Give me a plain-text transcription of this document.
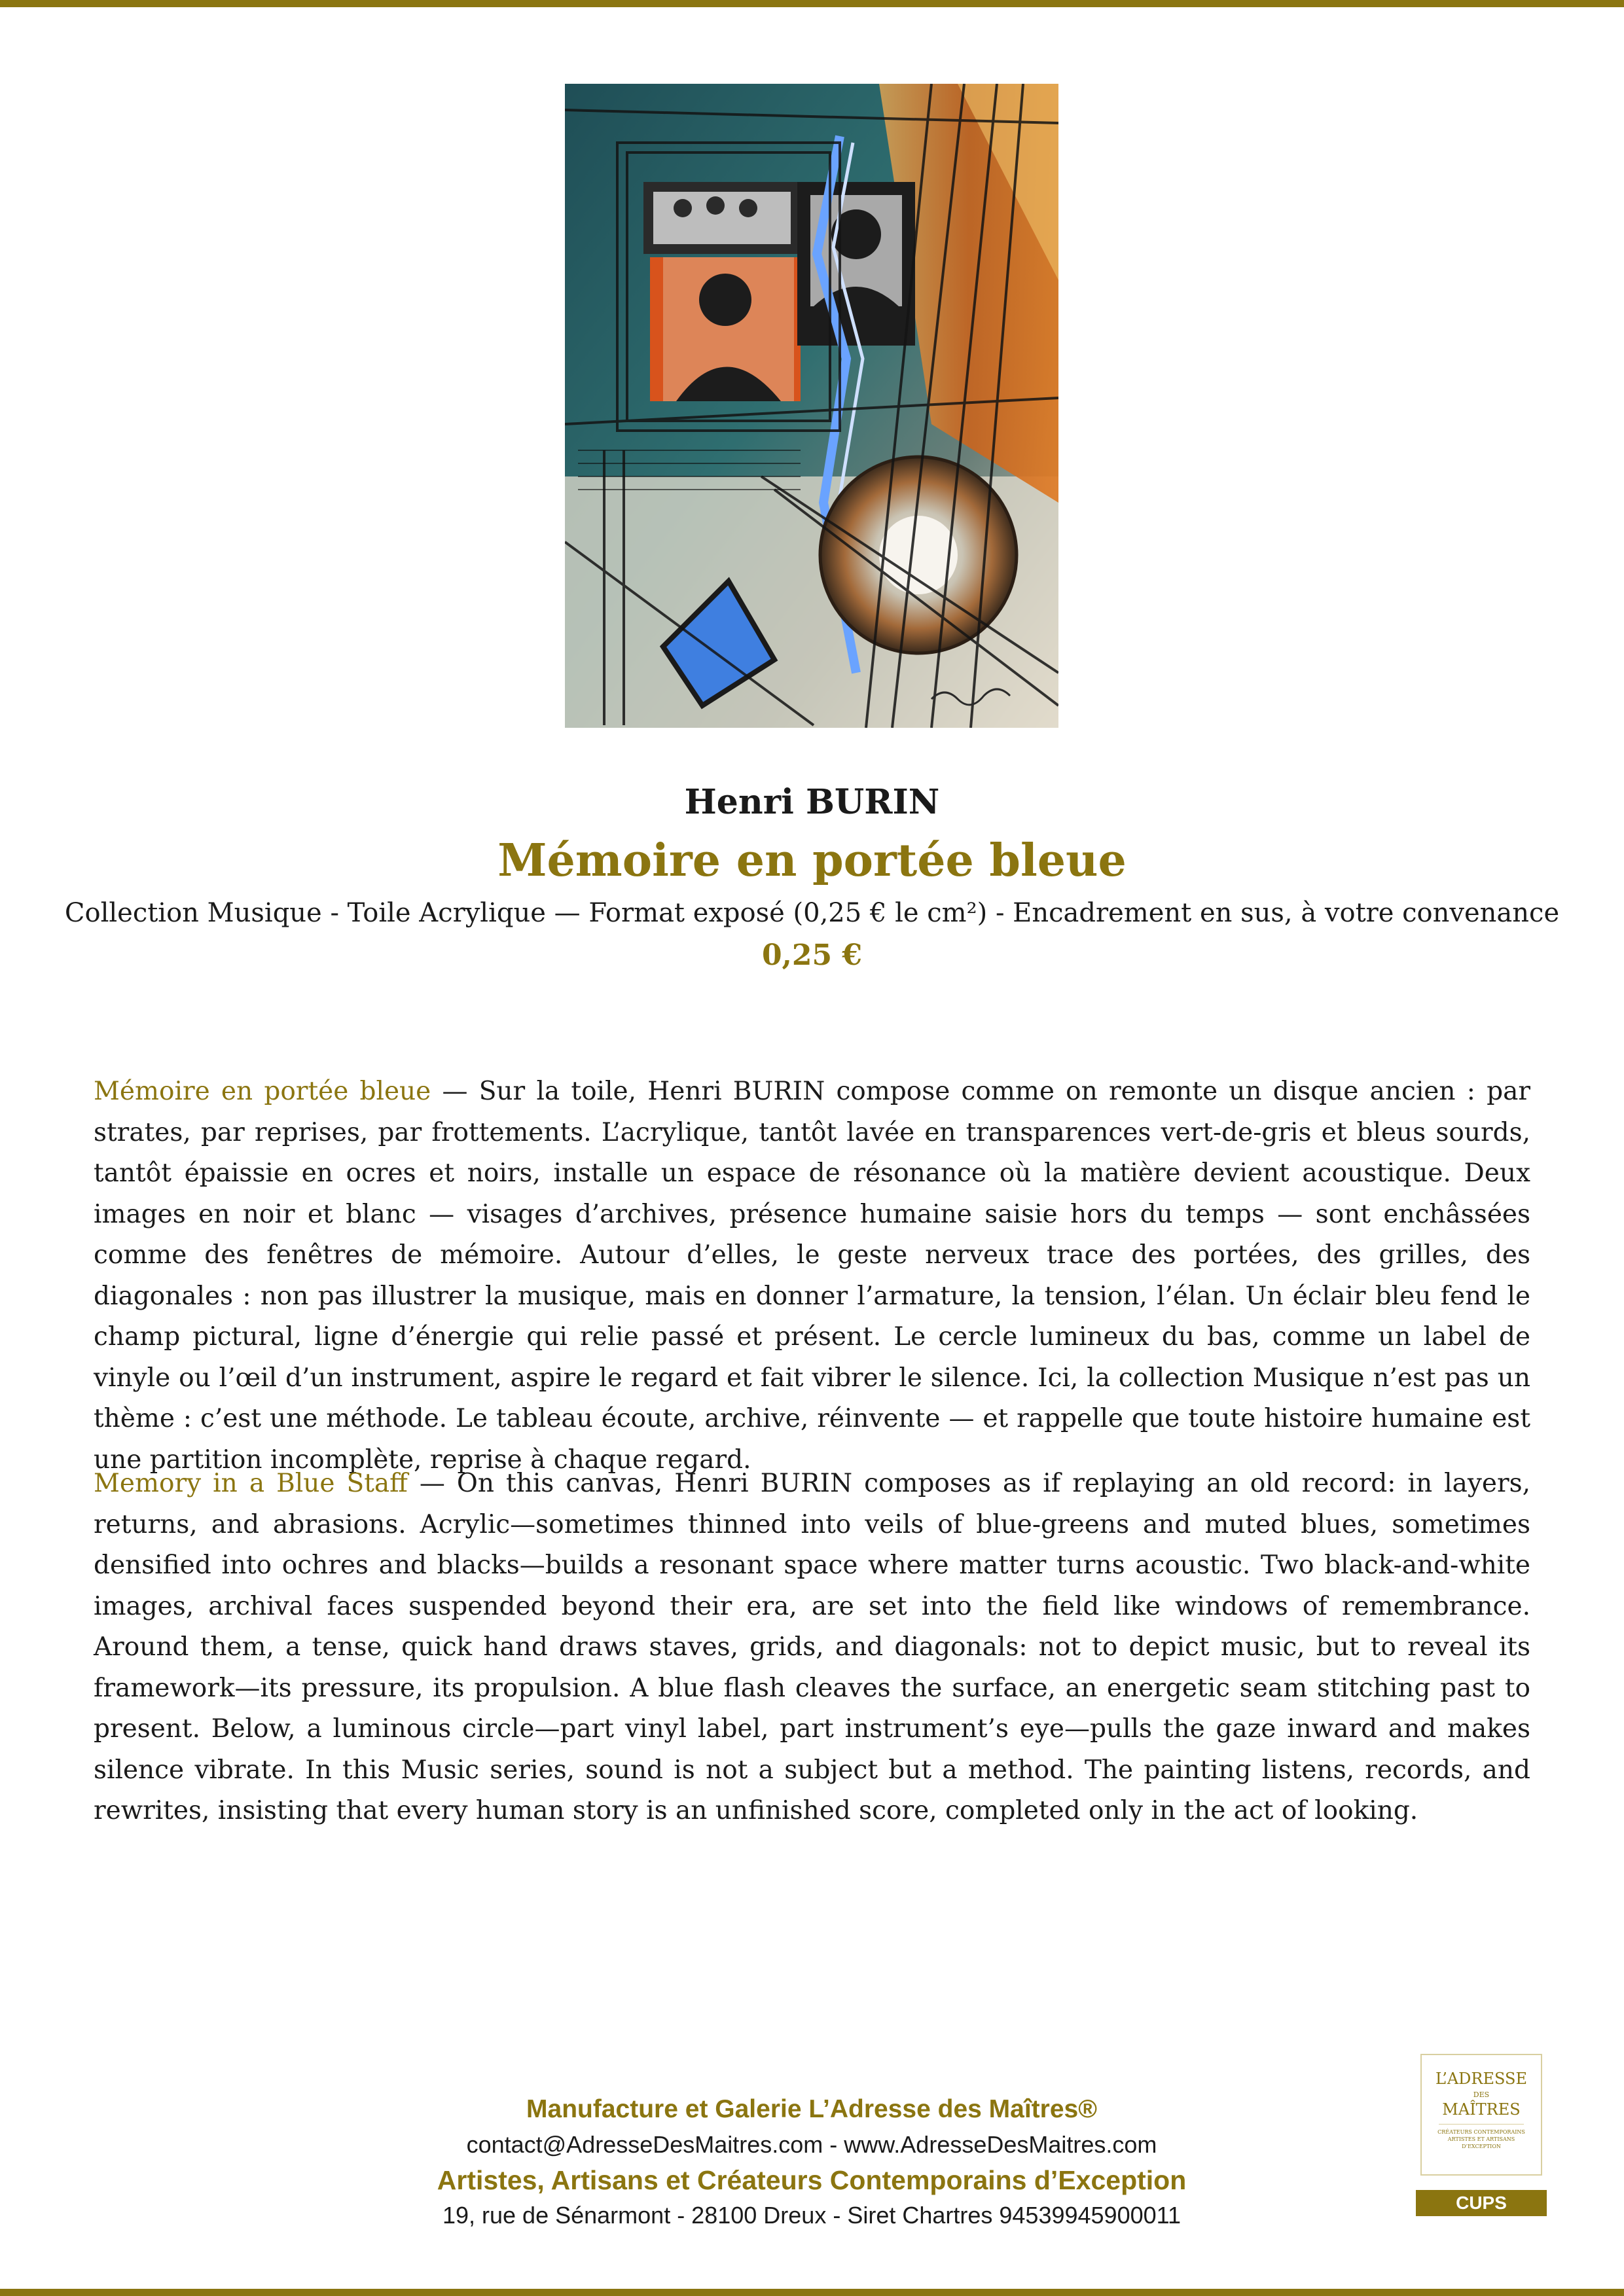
Henri BURIN
Mémoire en portée bleue
Collection Musique - Toile Acrylique — Format exposé (0,25 € le cm²) - Encadrement en sus, à votre convenance
0,25 €

Mémoire en portée bleue — Sur la toile, Henri BURIN compose comme on remonte un disque ancien : par strates, par reprises, par frottements. L’acrylique, tantôt lavée en transparences vert-de-gris et bleus sourds, tantôt épaissie en ocres et noirs, installe un espace de résonance où la matière devient acoustique. Deux images en noir et blanc — visages d’archives, présence humaine saisie hors du temps — sont enchâssées comme des fenêtres de mémoire. Autour d’elles, le geste nerveux trace des portées, des grilles, des diagonales : non pas illustrer la musique, mais en donner l’armature, la tension, l’élan. Un éclair bleu fend le champ pictural, ligne d’énergie qui relie passé et présent. Le cercle lumineux du bas, comme un label de vinyle ou l’œil d’un instrument, aspire le regard et fait vibrer le silence. Ici, la collection Musique n’est pas un thème : c’est une méthode. Le tableau écoute, archive, réinvente — et rappelle que toute histoire humaine est une partition incomplète, reprise à chaque regard.

Memory in a Blue Staff — On this canvas, Henri BURIN composes as if replaying an old record: in layers, returns, and abrasions. Acrylic—sometimes thinned into veils of blue-greens and muted blues, sometimes densified into ochres and blacks—builds a resonant space where matter turns acoustic. Two black-and-white images, archival faces suspended beyond their era, are set into the field like windows of remembrance. Around them, a tense, quick hand draws staves, grids, and diagonals: not to depict music, but to reveal its framework—its pressure, its propulsion. A blue flash cleaves the surface, an energetic seam stitching past to present. Below, a luminous circle—part vinyl label, part instrument’s eye—pulls the gaze inward and makes silence vibrate. In this Music series, sound is not a subject but a method. The painting listens, records, and rewrites, insisting that every human story is an unfinished score, completed only in the act of looking.

Manufacture et Galerie L’Adresse des Maîtres®
contact@AdresseDesMaitres.com - www.AdresseDesMaitres.com
Artistes, Artisans et Créateurs Contemporains d’Exception
19, rue de Sénarmont - 28100 Dreux - Siret Chartres 94539945900011
L’ADRESSE
DES
MAÎTRES
CRÉATEURS CONTEMPORAINS ARTISTES ET ARTISANS D’EXCEPTION
CUPS
